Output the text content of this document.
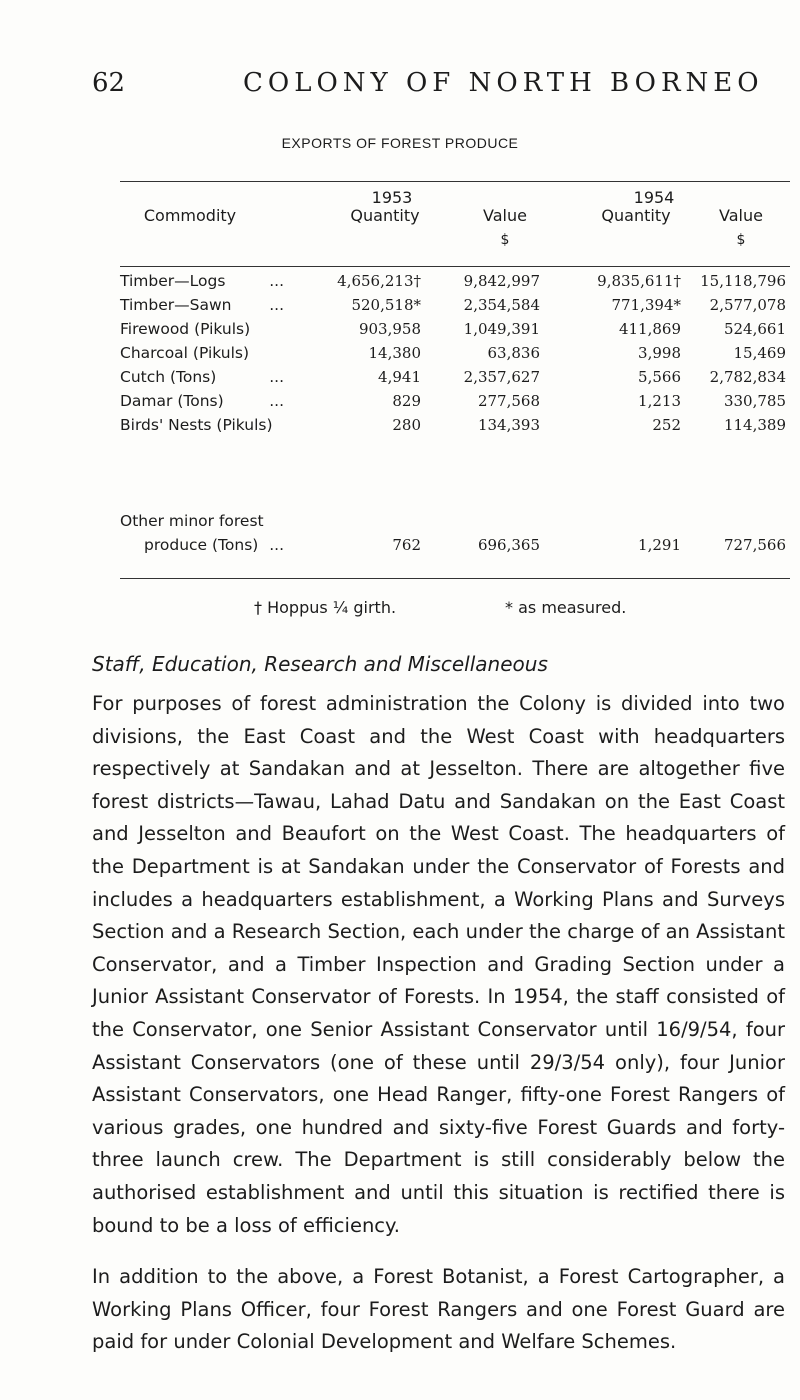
62	COLONY OF NORTH BORNEO
EXPORTS OF FOREST PRODUCE
1953	1954
Commodity	Quantity	Value	Quantity	Value
$	$
Timber—Logs	...	4,656,213†	9,842,997	9,835,611†	15,118,796
Timber—Sawn	...	520,518*	2,354,584	771,394*	2,577,078
Firewood (Pikuls)	903,958	1,049,391	411,869	524,661
Charcoal (Pikuls)	14,380	63,836	3,998	15,469
Cutch (Tons)	...	4,941	2,357,627	5,566	2,782,834
Damar (Tons)	...	829	277,568	1,213	330,785
Birds' Nests (Pikuls)	280	134,393	252	114,389
Other minor forest
produce (Tons) ...	762	696,365	1,291	727,566
† Hoppus ¼ girth.	* as measured.
Staff, Education, Research and Miscellaneous
For purposes of forest administration the Colony is divided into two divisions, the East Coast and the West Coast with headquarters respectively at Sandakan and at Jesselton. There are altogether five forest districts—Tawau, Lahad Datu and Sandakan on the East Coast and Jesselton and Beaufort on the West Coast. The headquarters of the Department is at Sandakan under the Conservator of Forests and includes a headquarters establishment, a Working Plans and Surveys Section and a Research Section, each under the charge of an Assistant Conservator, and a Timber Inspection and Grading Section under a Junior Assistant Conservator of Forests. In 1954, the staff consisted of the Conservator, one Senior Assistant Conservator until 16/9/54, four Assistant Conservators (one of these until 29/3/54 only), four Junior Assistant Conservators, one Head Ranger, fifty-one Forest Rangers of various grades, one hundred and sixty-five Forest Guards and forty-three launch crew. The Department is still considerably below the authorised establishment and until this situation is rectified there is bound to be a loss of efficiency.
In addition to the above, a Forest Botanist, a Forest Cartographer, a Working Plans Officer, four Forest Rangers and one Forest Guard are paid for under Colonial Development and Welfare Schemes.
